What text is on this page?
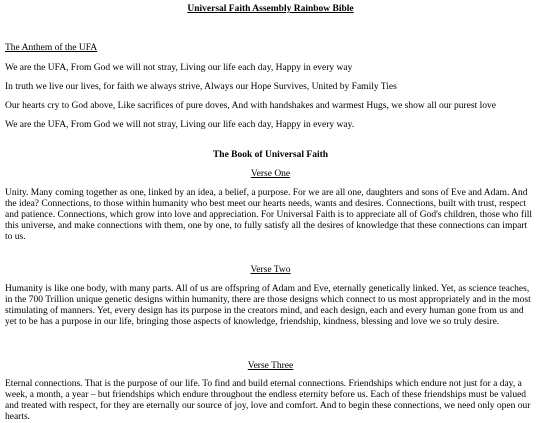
Universal Faith Assembly Rainbow Bible
The Anthem of the UFA
We are the UFA, From God we will not stray, Living our life each day, Happy in every way
In truth we live our lives, for faith we always strive, Always our Hope Survives, United by Family Ties
Our hearts cry to God above, Like sacrifices of pure doves, And with handshakes and warmest Hugs, we show all our purest love
We are the UFA, From God we will not stray, Living our life each day, Happy in every way.
The Book of Universal Faith
Verse One

Unity. Many coming together as one, linked by an idea, a belief, a purpose. For we are all one, daughters and sons of Eve and Adam. And the idea? Connections, to those within humanity who best meet our hearts needs, wants and desires. Connections, built with trust, respect and patience. Connections, which grow into love and appreciation. For Universal Faith is to appreciate all of God's children, those who fill this universe, and make connections with them, one by one, to fully satisfy all the desires of knowledge that these connections can impart to us.

Verse Two

Humanity is like one body, with many parts. All of us are offspring of Adam and Eve, eternally genetically linked. Yet, as science teaches, in the 700 Trillion unique genetic designs within humanity, there are those designs which connect to us most appropriately and in the most stimulating of manners. Yet, every design has its purpose in the creators mind, and each design, each and every human gone from us and yet to be has a purpose in our life, bringing those aspects of knowledge, friendship, kindness, blessing and love we so truly desire.

Verse Three

Eternal connections. That is the purpose of our life. To find and build eternal connections. Friendships which endure not just for a day, a week, a month, a year – but friendships which endure throughout the endless eternity before us. Each of these friendships must be valued and treated with respect, for they are eternally our source of joy, love and comfort. And to begin these connections, we need only open our hearts.
